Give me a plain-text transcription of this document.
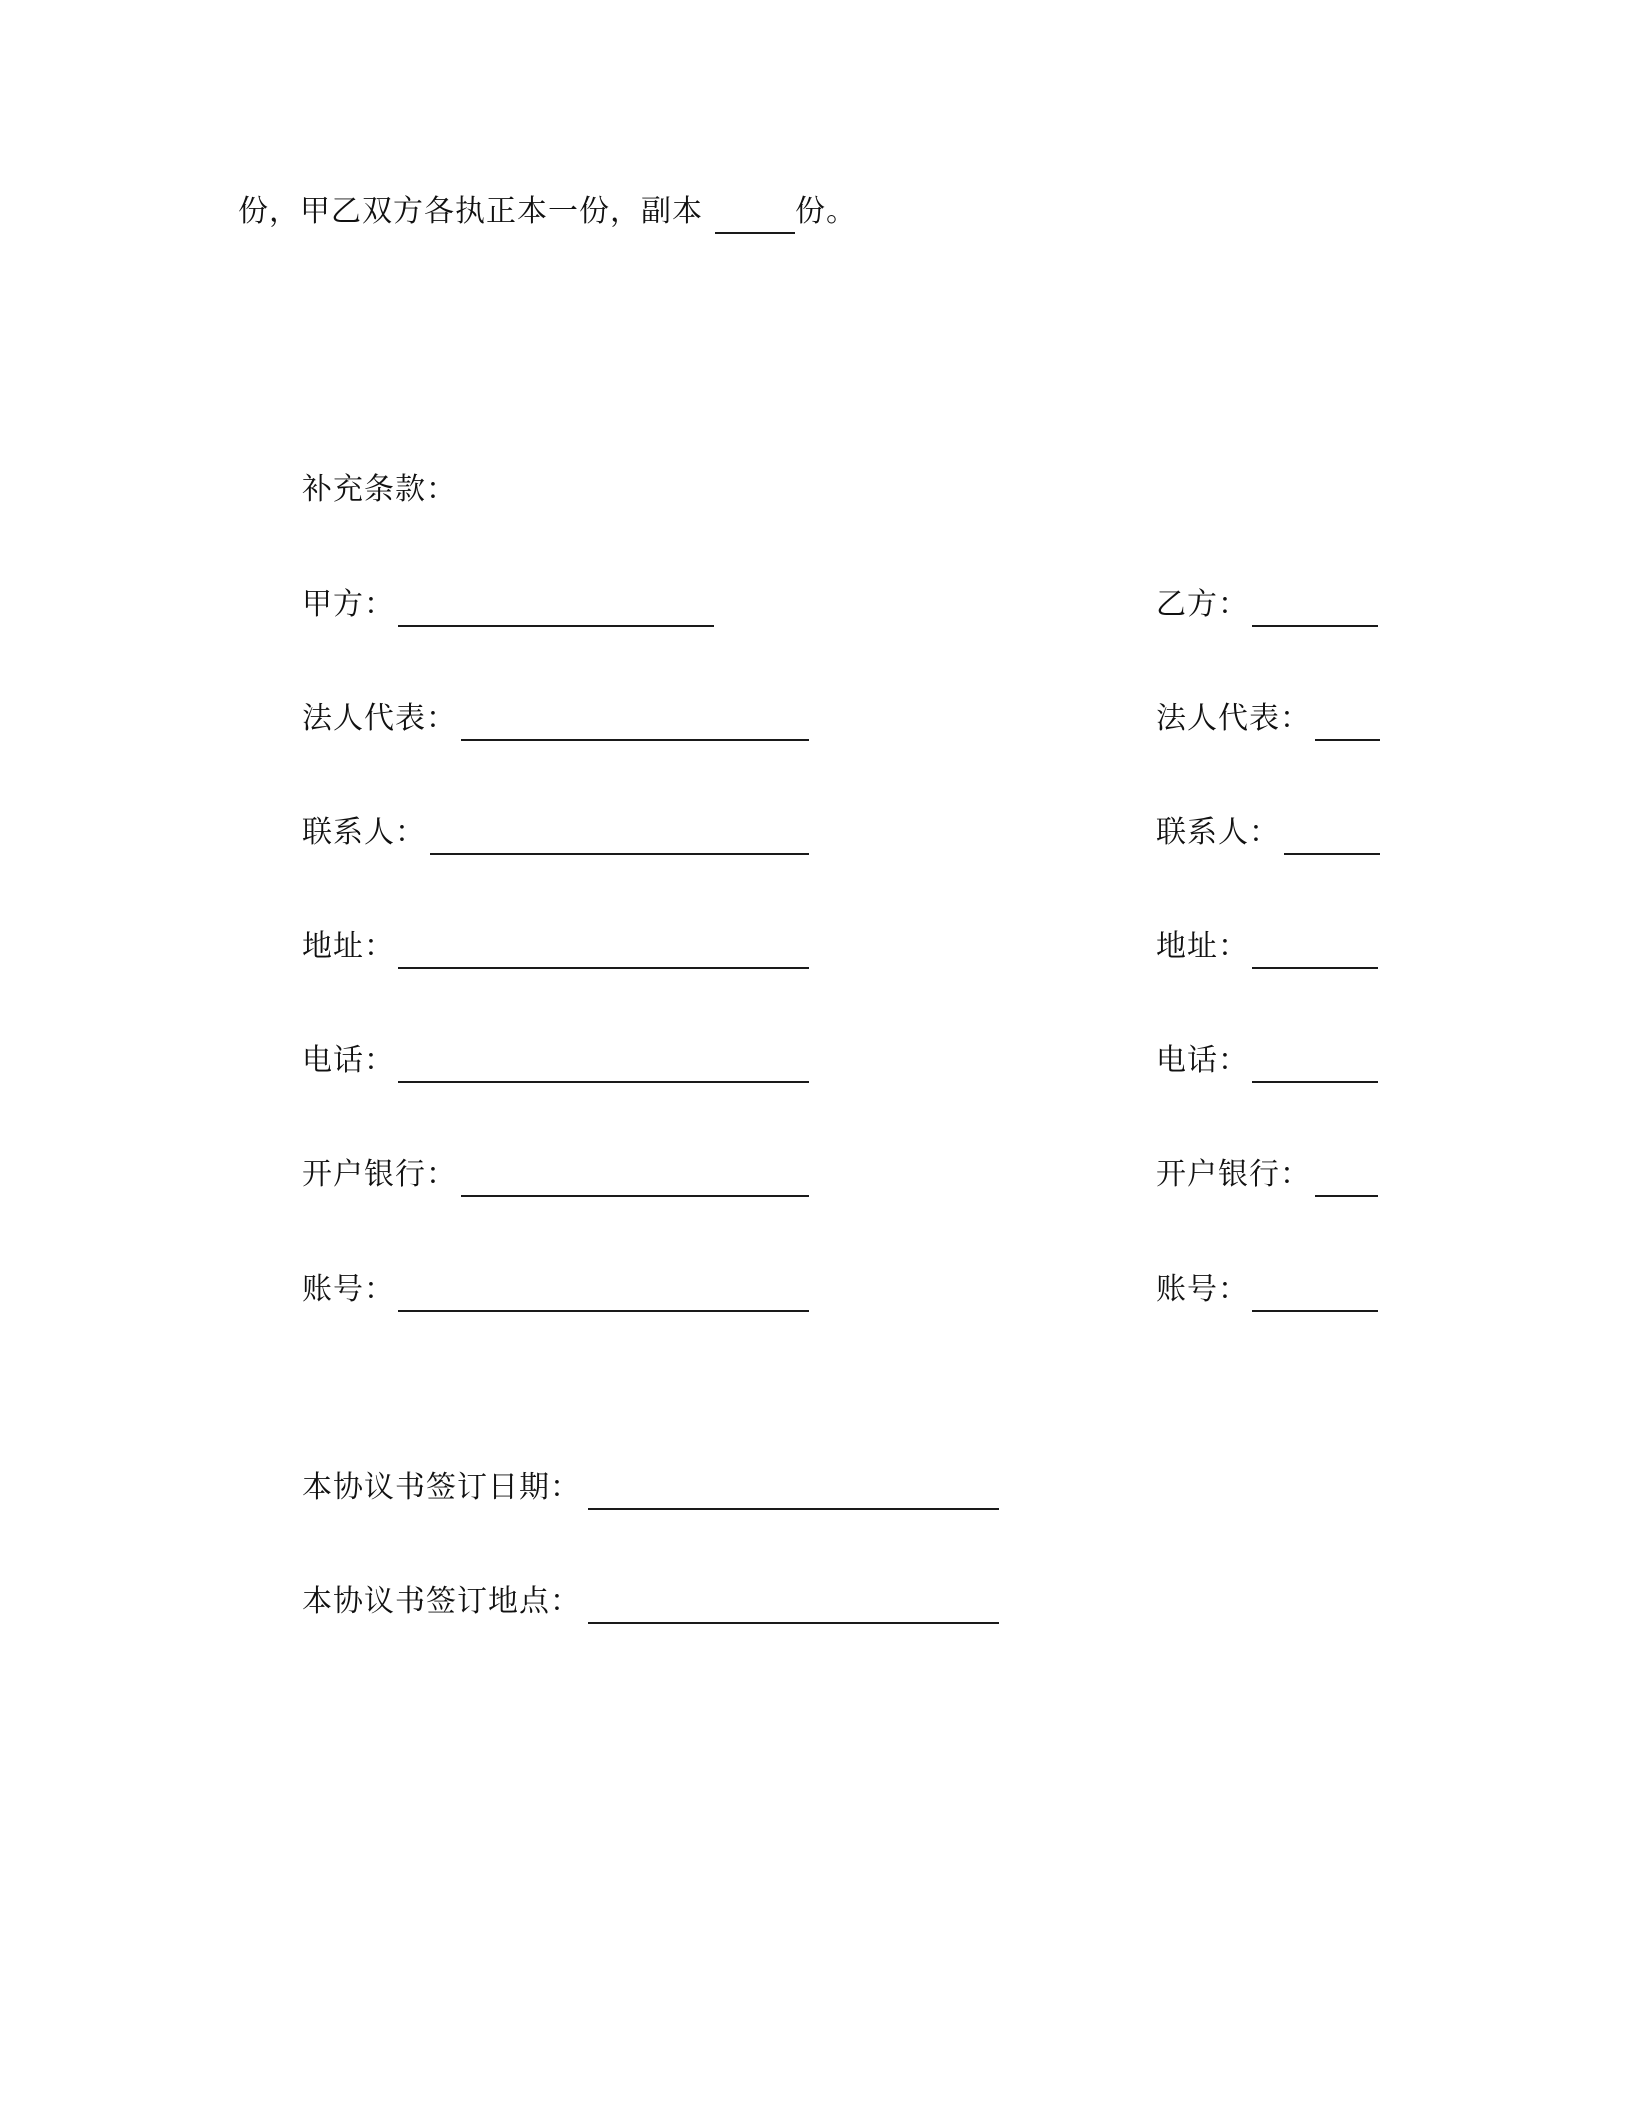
份，甲乙双方各执正本一份，副本	份。
补充条款：
甲方：
法人代表：
联系人：
地址：
电话：
开户银行：
账号：
乙方：
法人代表：
联系人：
地址：
电话：
开户银行：
账号：
本协议书签订日期：
本协议书签订地点：
